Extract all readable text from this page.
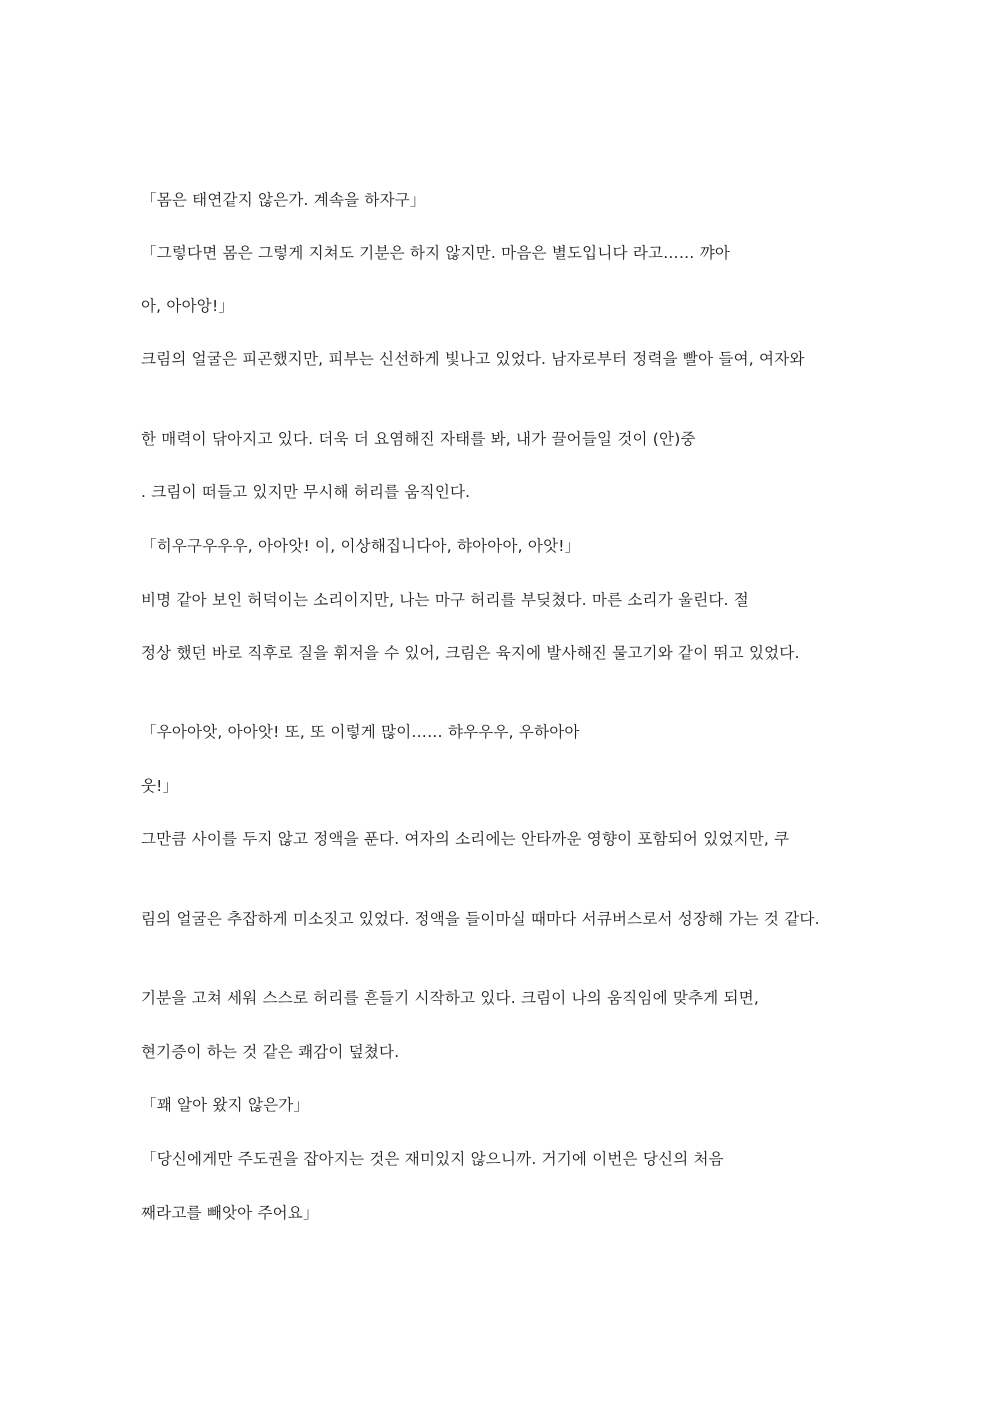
「몸은 태연같지 않은가. 계속을 하자구」
「그렇다면 몸은 그렇게 지쳐도 기분은 하지 않지만. 마음은 별도입니다 라고…… 꺄아
아, 아아앙!」
크림의 얼굴은 피곤했지만, 피부는 신선하게 빛나고 있었다. 남자로부터 정력을 빨아 들여, 여자와
한 매력이 닦아지고 있다. 더욱 더 요염해진 자태를 봐, 내가 끌어들일 것이 (안)중
. 크림이 떠들고 있지만 무시해 허리를 움직인다.
「히우구우우우, 아아앗! 이, 이상해집니다아, 햐아아아, 아앗!」
비명 같아 보인 허덕이는 소리이지만, 나는 마구 허리를 부딪쳤다. 마른 소리가 울린다. 절
정상 했던 바로 직후로 질을 휘저을 수 있어, 크림은 육지에 발사해진 물고기와 같이 뛰고 있었다.
「우아아앗, 아아앗! 또, 또 이렇게 많이…… 햐우우우, 우하아아
웃!」
그만큼 사이를 두지 않고 정액을 푼다. 여자의 소리에는 안타까운 영향이 포함되어 있었지만, 쿠
림의 얼굴은 추잡하게 미소짓고 있었다. 정액을 들이마실 때마다 서큐버스로서 성장해 가는 것 같다.
기분을 고쳐 세워 스스로 허리를 흔들기 시작하고 있다. 크림이 나의 움직임에 맞추게 되면,
현기증이 하는 것 같은 쾌감이 덮쳤다.
「꽤 알아 왔지 않은가」
「당신에게만 주도권을 잡아지는 것은 재미있지 않으니까. 거기에 이번은 당신의 처음
째라고를 빼앗아 주어요」
